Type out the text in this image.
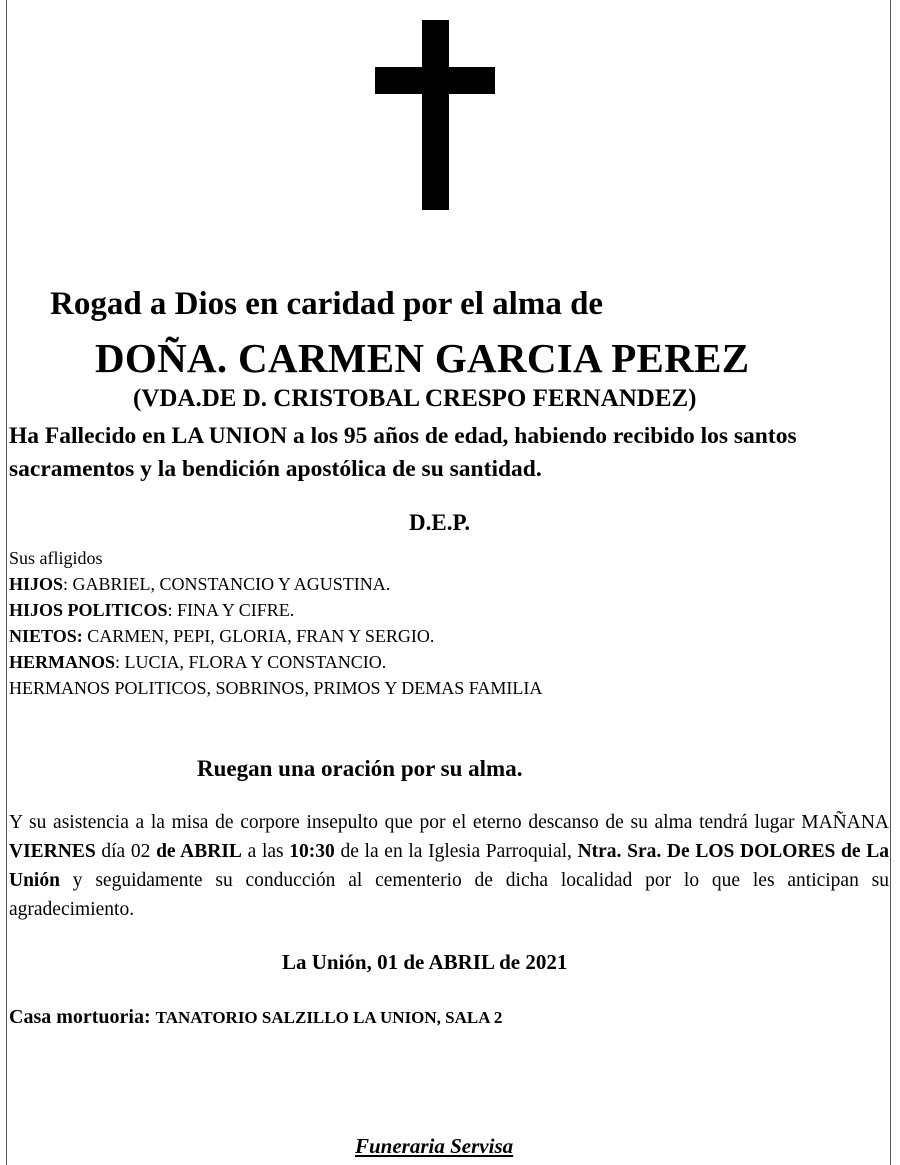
Rogad a Dios en caridad por el alma de
DOÑA. CARMEN GARCIA PEREZ
(VDA.DE D. CRISTOBAL CRESPO FERNANDEZ)
Ha Fallecido en LA UNION a los 95 años de edad, habiendo recibido los santos sacramentos y la bendición apostólica de su santidad.
D.E.P.
Sus afligidos
HIJOS: GABRIEL, CONSTANCIO Y AGUSTINA.
HIJOS POLITICOS: FINA Y CIFRE.
NIETOS: CARMEN, PEPI, GLORIA, FRAN Y SERGIO.
HERMANOS: LUCIA, FLORA Y CONSTANCIO.
HERMANOS POLITICOS, SOBRINOS, PRIMOS Y DEMAS FAMILIA
Ruegan una oración por su alma.
Y su asistencia a la misa de corpore insepulto que por el eterno descanso de su alma tendrá lugar MAÑANA VIERNES día 02 de ABRIL a las 10:30 de la en la Iglesia Parroquial, Ntra. Sra. De LOS DOLORES de La Unión y seguidamente su conducción al cementerio de dicha localidad por lo que les anticipan su agradecimiento.
La Unión, 01 de ABRIL de 2021
Casa mortuoria: TANATORIO SALZILLO LA UNION, SALA 2
Funeraria Servisa
